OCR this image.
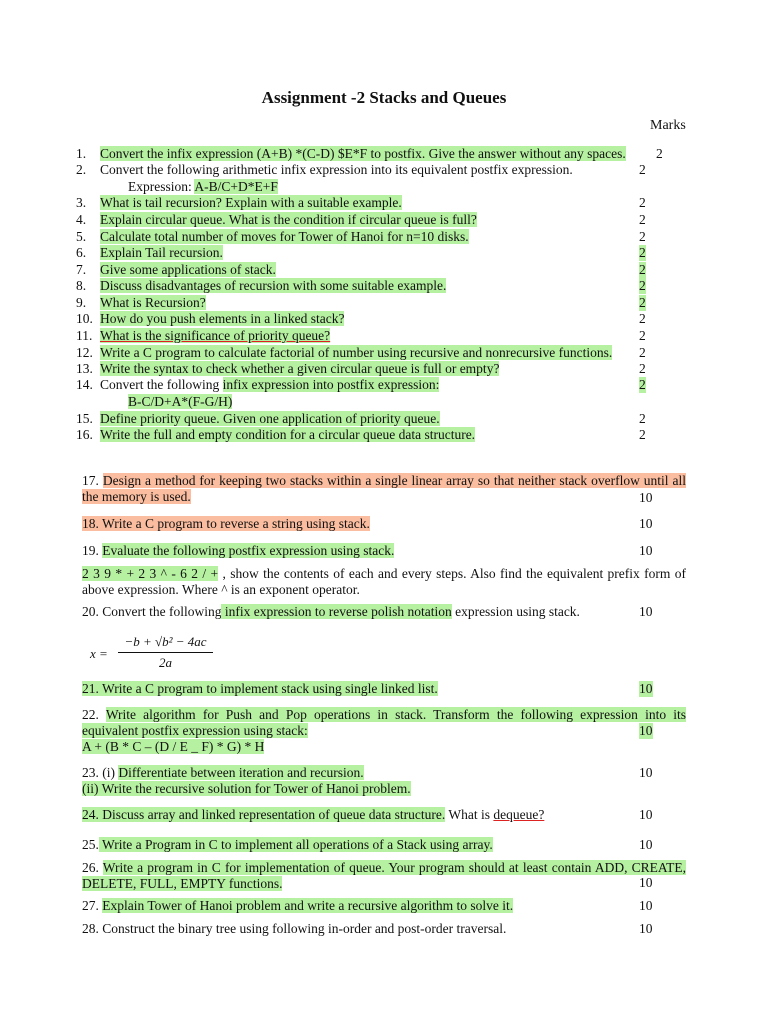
Assignment -2 Stacks and Queues
Marks
1.	Convert the infix expression (A+B) *(C-D) $E*F to postfix. Give the answer without any spaces. 2
2.	Convert the following arithmetic infix expression into its equivalent postfix expression.	2
Expression: A-B/C+D*E+F
3.	What is tail recursion? Explain with a suitable example.	2
4.	Explain circular queue. What is the condition if circular queue is full?	2
5.	Calculate total number of moves for Tower of Hanoi for n=10 disks.	2
6.	Explain Tail recursion.	2
7.	Give some applications of stack.	2
8.	Discuss disadvantages of recursion with some suitable example.	2
9.	What is Recursion?	2
10. How do you push elements in a linked stack?	2
11. What is the significance of priority queue?	2
12. Write a C program to calculate factorial of number using recursive and nonrecursive functions. 2
13. Write the syntax to check whether a given circular queue is full or empty?	2
14. Convert the following infix expression into postfix expression:	2
B-C/D+A*(F-G/H)
15. Define priority queue. Given one application of priority queue.	2
16. Write the full and empty condition for a circular queue data structure.	2
17. Design a method for keeping two stacks within a single linear array so that neither stack overflow until all the memory is used.	10
18. Write a C program to reverse a string using stack.	10
19. Evaluate the following postfix expression using stack.	10
2 3 9 * + 2 3 ^ - 6 2 / + , show the contents of each and every steps. Also find the equivalent prefix form of above expression. Where ^ is an exponent operator.
20. Convert the following infix expression to reverse polish notation expression using stack.	10
$x = \frac{\text{−b + √b² − 4ac}}{2a}$
21. Write a C program to implement stack using single linked list.	10
22. Write algorithm for Push and Pop operations in stack. Transform the following expression into its equivalent postfix expression using stack:	10
A + (B * C – (D / E _ F) * G) * H
23. (i) Differentiate between iteration and recursion.	10
(ii) Write the recursive solution for Tower of Hanoi problem.
24. Discuss array and linked representation of queue data structure. What is dequeue?	10
25. Write a Program in C to implement all operations of a Stack using array.	10
26. Write a program in C for implementation of queue. Your program should at least contain ADD, CREATE, DELETE, FULL, EMPTY functions.	10
27. Explain Tower of Hanoi problem and write a recursive algorithm to solve it.	10
28. Construct the binary tree using following in-order and post-order traversal.	10
